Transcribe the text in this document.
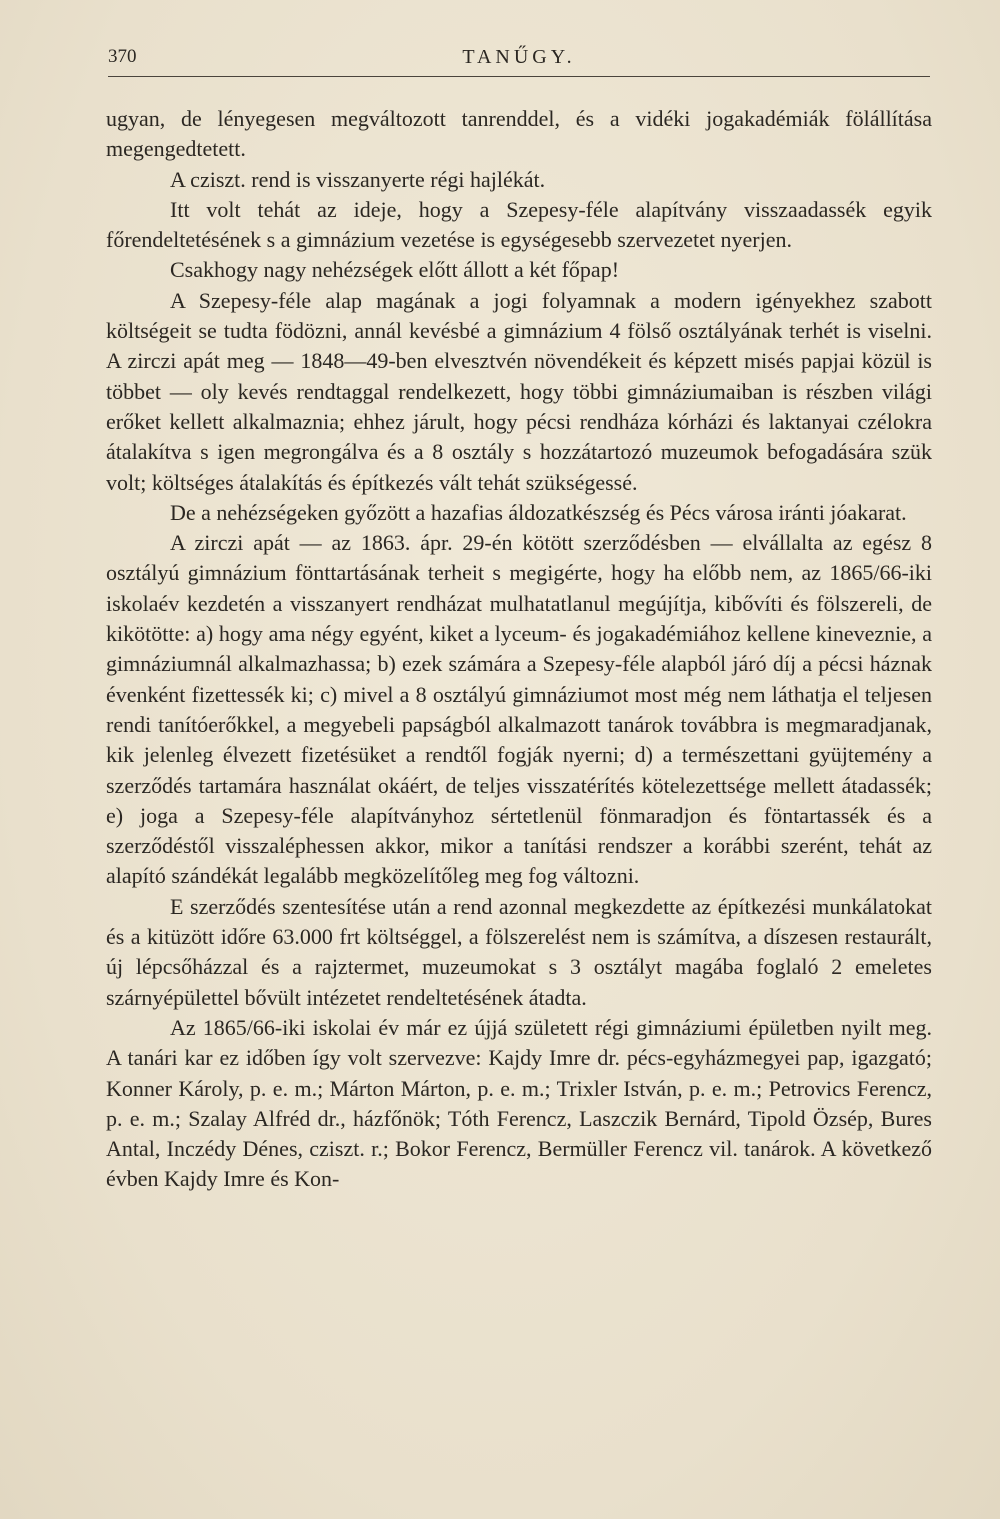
370	TANŰGY.

ugyan, de lényegesen megváltozott tanrenddel, és a vidéki jogakadémiák fölállítása megengedtetett.

A cziszt. rend is visszanyerte régi hajlékát.

Itt volt tehát az ideje, hogy a Szepesy-féle alapítvány visszaadassék egyik főrendeltetésének s a gimnázium vezetése is egységesebb szervezetet nyerjen.

Csakhogy nagy nehézségek előtt állott a két főpap!

A Szepesy-féle alap magának a jogi folyamnak a modern igényekhez szabott költségeit se tudta födözni, annál kevésbé a gimnázium 4 fölső osztályának terhét is viselni. A zirczi apát meg — 1848—49-ben elvesztvén növendékeit és képzett misés papjai közül is többet — oly kevés rendtaggal rendelkezett, hogy többi gimnáziumaiban is részben világi erőket kellett alkalmaznia; ehhez járult, hogy pécsi rendháza kórházi és laktanyai czélokra átalakítva s igen megrongálva és a 8 osztály s hozzátartozó muzeumok befogadására szük volt; költséges átalakítás és építkezés vált tehát szükségessé.

De a nehézségeken győzött a hazafias áldozatkészség és Pécs városa iránti jóakarat.

A zirczi apát — az 1863. ápr. 29-én kötött szerződésben — elvállalta az egész 8 osztályú gimnázium fönttartásának terheit s megigérte, hogy ha előbb nem, az 1865/66-iki iskolaév kezdetén a visszanyert rendházat mulhatatlanul megújítja, kibővíti és fölszereli, de kikötötte: a) hogy ama négy egyént, kiket a lyceum- és jogakadémiához kellene kineveznie, a gimnáziumnál alkalmazhassa; b) ezek számára a Szepesy-féle alapból járó díj a pécsi háznak évenként fizettessék ki; c) mivel a 8 osztályú gimnáziumot most még nem láthatja el teljesen rendi tanítóerőkkel, a megyebeli papságból alkalmazott tanárok továbbra is megmaradjanak, kik jelenleg élvezett fizetésüket a rendtől fogják nyerni; d) a természettani gyüjtemény a szerződés tartamára használat okáért, de teljes visszatérítés kötelezettsége mellett átadassék; e) joga a Szepesy-féle alapítványhoz sértetlenül fönmaradjon és föntartassék és a szerződéstől visszaléphessen akkor, mikor a tanítási rendszer a korábbi szerént, tehát az alapító szándékát legalább megközelítőleg meg fog változni.

E szerződés szentesítése után a rend azonnal megkezdette az építkezési munkálatokat és a kitüzött időre 63.000 frt költséggel, a fölszerelést nem is számítva, a díszesen restaurált, új lépcsőházzal és a rajztermet, muzeumokat s 3 osztályt magába foglaló 2 emeletes szárnyépülettel bővült intézetet rendeltetésének átadta.

Az 1865/66-iki iskolai év már ez újjá született régi gimnáziumi épületben nyilt meg. A tanári kar ez időben így volt szervezve: Kajdy Imre dr. pécs-egyházmegyei pap, igazgató; Konner Károly, p. e. m.; Márton Márton, p. e. m.; Trixler István, p. e. m.; Petrovics Ferencz, p. e. m.; Szalay Alfréd dr., házfőnök; Tóth Ferencz, Laszczik Bernárd, Tipold Özsép, Bures Antal, Inczédy Dénes, cziszt. r.; Bokor Ferencz, Bermüller Ferencz vil. tanárok. A következő évben Kajdy Imre és Kon-
